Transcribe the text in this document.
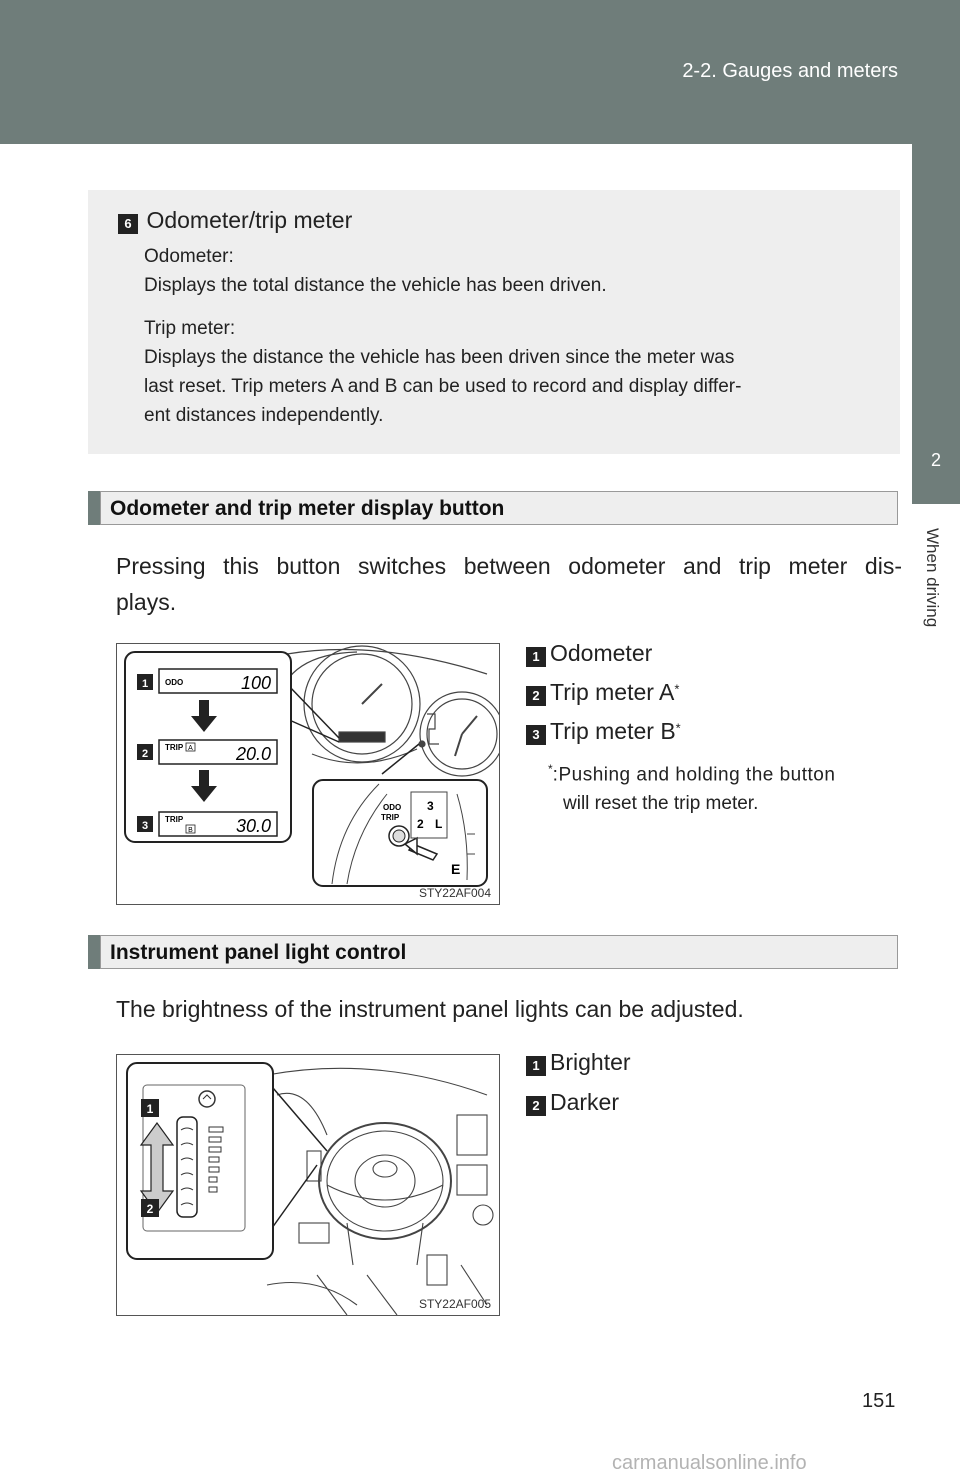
2-2. Gauges and meters
2
When driving
6 Odometer/trip meter
Odometer:
Displays the total distance the vehicle has been driven.
Trip meter:
Displays the distance the vehicle has been driven since the meter was
last reset. Trip meters A and B can be used to record and display differ-
ent distances independently.
Odometer and trip meter display button
Pressing this button switches between odometer and trip meter dis-
plays.
ODO	100
TRIP A 20.0
TRIP
B 30.0
1
2
3
ODO
TRIP
3
2 L
E
STY22AF004
1 Odometer
2 Trip meter A*
3 Trip meter B*
*:Pushing and holding the button
will reset the trip meter.
Instrument panel light control
The brightness of the instrument panel lights can be adjusted.
1
2
STY22AF005
1 Brighter
2 Darker
151
carmanualsonline.info
